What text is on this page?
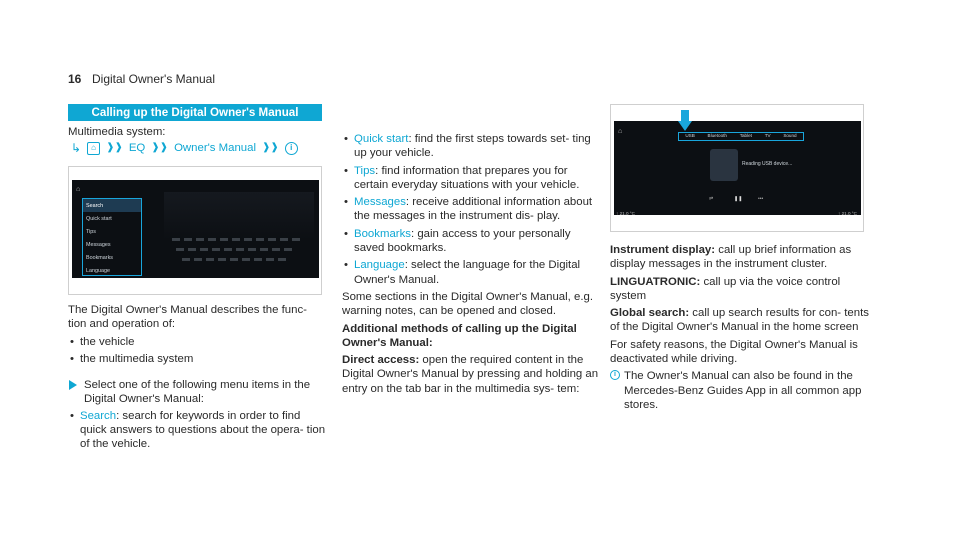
16 Digital Owner's Manual
Calling up the Digital Owner's Manual

Multimedia system:

↳	⌂	❱❱ EQ ❱❱ Owner's Manual ❱❱	i
⌂
Search
Quick start
Tips
Messages
Bookmarks
Language

The Digital Owner's Manual describes the func- tion and operation of:

• the vehicle
• the multimedia system
Select one of the following menu items in the Digital Owner's Manual:
• Search: search for keywords in order to find quick answers to questions about the opera- tion of the vehicle.
• Quick start: find the first steps towards set- ting up your vehicle.
• Tips: find information that prepares you for certain everyday situations with your vehicle.
• Messages: receive additional information about the messages in the instrument dis- play.
• Bookmarks: gain access to your personally saved bookmarks.
• Language: select the language for the Digital Owner's Manual.

Some sections in the Digital Owner's Manual, e.g. warning notes, can be opened and closed.

Additional methods of calling up the Digital Owner's Manual:

Direct access: open the required content in the Digital Owner's Manual by pressing and holding an entry on the tab bar in the multimedia sys- tem:

⌂
USB	Bluetooth	Tablet	TV	Sound
Reading USB device...
⇌	❚❚	•••
↑ 21.0 °C	↑ 21.0 °C

Instrument display: call up brief information as display messages in the instrument cluster.

LINGUATRONIC: call up via the voice control system

Global search: call up search results for con- tents of the Digital Owner's Manual in the home screen

For safety reasons, the Digital Owner's Manual is deactivated while driving.

i The Owner's Manual can also be found in the Mercedes-Benz Guides App in all common app stores.
